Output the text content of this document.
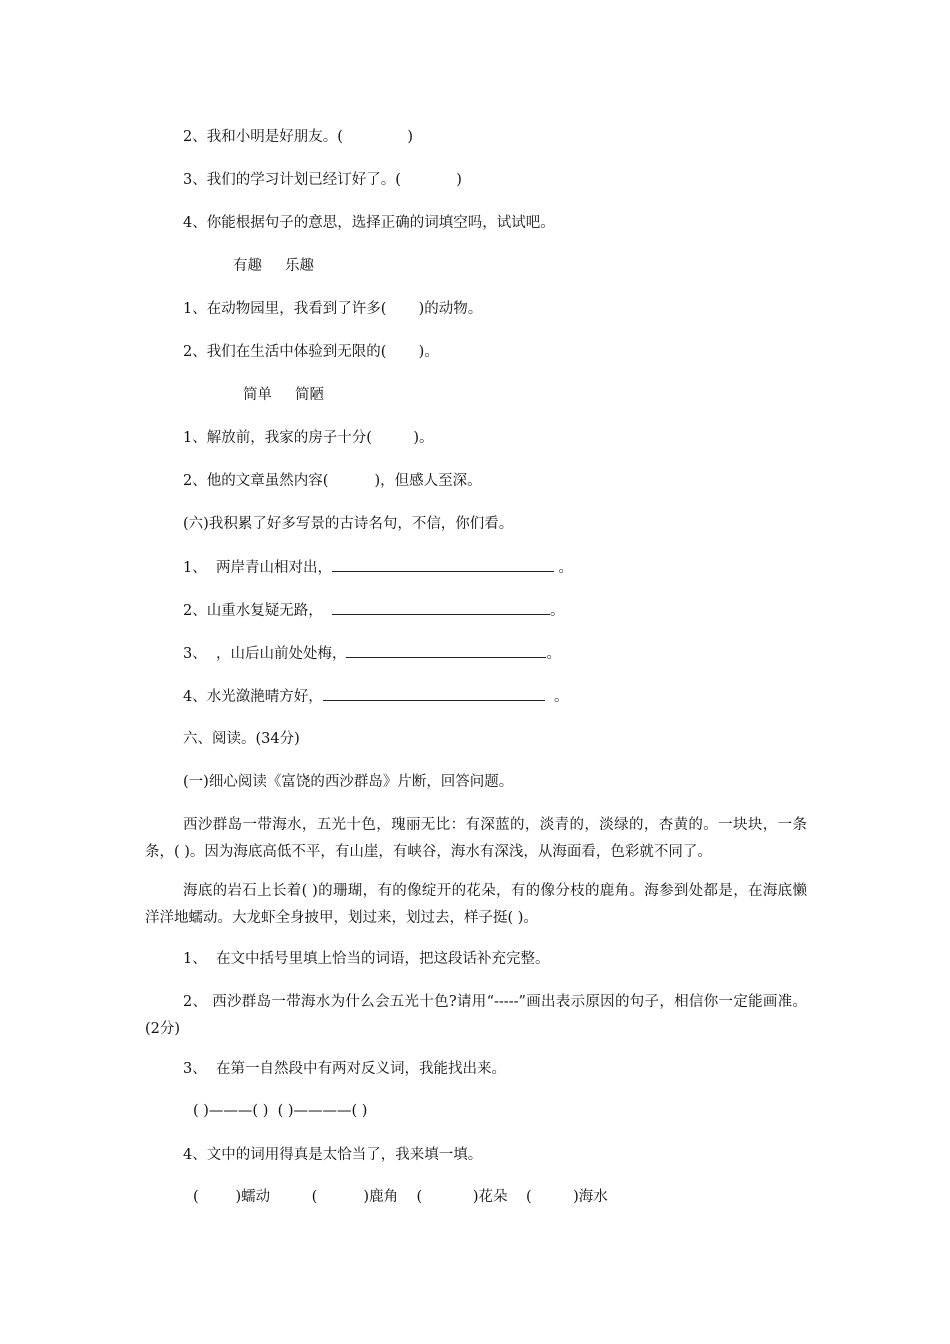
2、我和小明是好朋友。(              )
3、我们的学习计划已经订好了。(            )
4、你能根据句子的意思，选择正确的词填空吗，试试吧。
有趣     乐趣
1、在动物园里，我看到了许多(       )的动物。
2、我们在生活中体验到无限的(       )。
简单     简陋
1、解放前，我家的房子十分(         )。
2、他的文章虽然内容(          )，但感人至深。
(六)我积累了好多写景的古诗名句，不信，你们看。
1、  两岸青山相对出，	。
2、山重水复疑无路，	。
3、  ，山后山前处处梅，	。
4、水光潋滟晴方好，	。
六、阅读。(34分)
(一)细心阅读《富饶的西沙群岛》片断，回答问题。
西沙群岛一带海水，五光十色，瑰丽无比：有深蓝的，淡青的，淡绿的，杏黄的。一块块，一条条，( )。因为海底高低不平，有山崖，有峡谷，海水有深浅，从海面看，色彩就不同了。
海底的岩石上长着( )的珊瑚，有的像绽开的花朵，有的像分枝的鹿角。海参到处都是，在海底懒洋洋地蠕动。大龙虾全身披甲，划过来，划过去，样子挺( )。
1、  在文中括号里填上恰当的词语，把这段话补充完整。
2、 西沙群岛一带海水为什么会五光十色?请用“-----”画出表示原因的句子，相信你一定能画准。(2分)
3、  在第一自然段中有两对反义词，我能找出来。
( )———( )  ( )————( )
4、文中的词用得真是太恰当了，我来填一填。
(        )蠕动         (          )鹿角    (           )花朵    (         )海水
